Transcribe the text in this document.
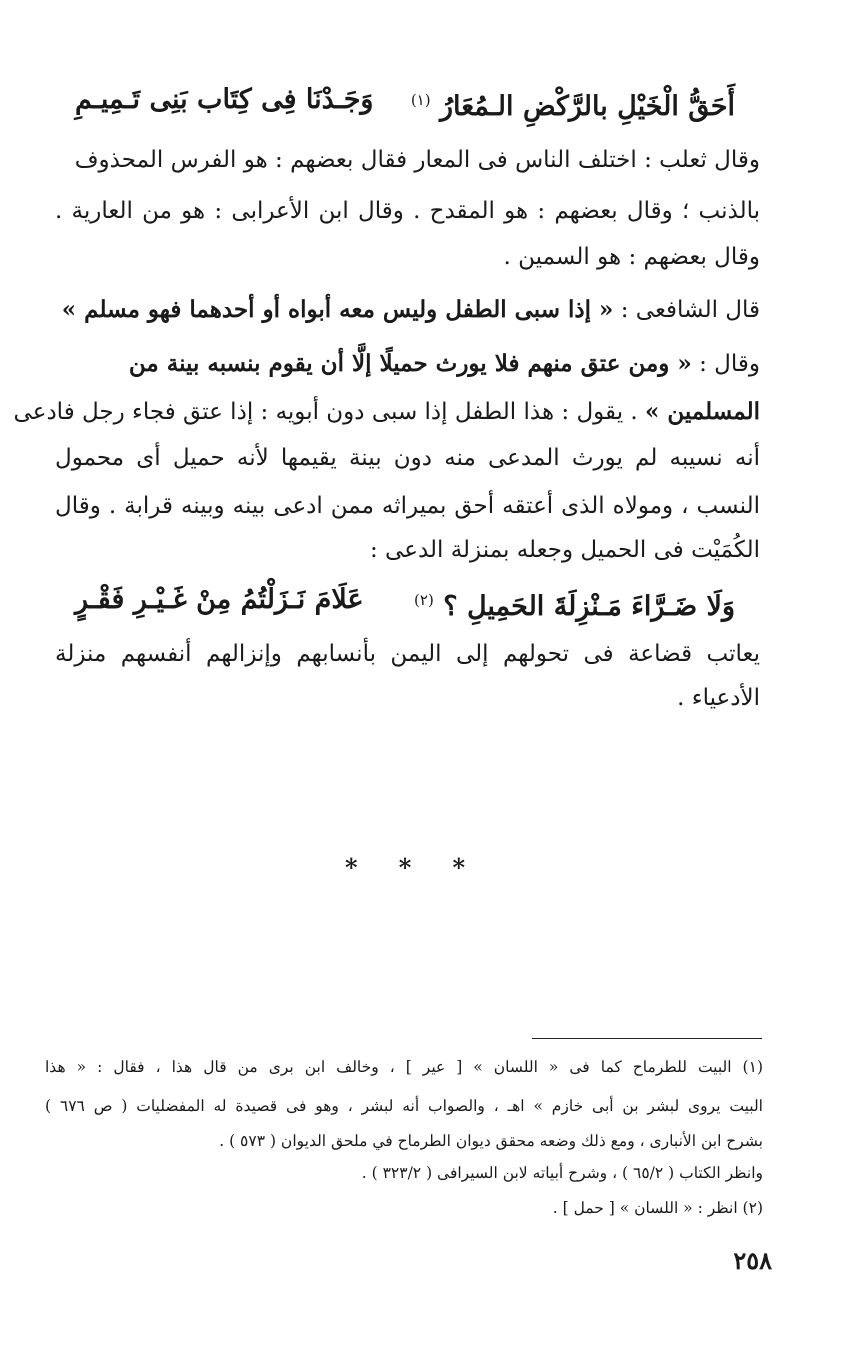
وَجَـدْنَا فِى كِتَاب بَنِى تَـمِيـمِ	أَحَقُّ الْخَيْلِ بالرَّكْضِ الـمُعَارُ $^{(١)}$
وقال ثعلب : اختلف الناس فى المعار فقال بعضهم : هو الفرس المحذوف
بالذنب ؛ وقال بعضهم : هو المقدح . وقال ابن الأعرابى : هو من العارية .
وقال بعضهم : هو السمين .
قال الشافعى : « إذا سبى الطفل وليس معه أبواه أو أحدهما فهو مسلم »
وقال : « ومن عتق منهم فلا يورث حميلًا إلَّا أن يقوم بنسبه بينة من
المسلمين » . يقول : هذا الطفل إذا سبى دون أبويه : إذا عتق فجاء رجل فادعى
أنه نسيبه لم يورث المدعى منه دون بينة يقيمها لأنه حميل أى محمول
النسب ، ومولاه الذى أعتقه أحق بميراثه ممن ادعى بينه وبينه قرابة . وقال
الكُمَيْت فى الحميل وجعله بمنزلة الدعى :
عَلَامَ نَـزَلْتُمُ مِنْ غَـيْـرِ فَقْـرٍ	وَلَا ضَـرَّاءَ مَـنْزِلَةَ الحَمِيلِ ؟ $^{(٢)}$
يعاتب قضاعة فى تحولهم إلى اليمن بأنسابهم وإنزالهم أنفسهم منزلة
الأدعياء .
* * *
(١) البيت للطرماح كما فى « اللسان » [ عير ] ، وخالف ابن برى من قال هذا ، فقال : « هذا
البيت يروى لبشر بن أبى خازم » اهـ ، والصواب أنه لبشر ، وهو فى قصيدة له المفضليات ( ص ٦٧٦ )
بشرح ابن الأنبارى ، ومع ذلك وضعه محقق ديوان الطرماح في ملحق الديوان ( ٥٧٣ ) .
وانظر الكتاب ( ٦٥/٢ ) ، وشرح أبياته لابن السيرافى ( ٣٢٣/٢ ) .
(٢) انظر : « اللسان » [ حمل ] .
٢٥٨
